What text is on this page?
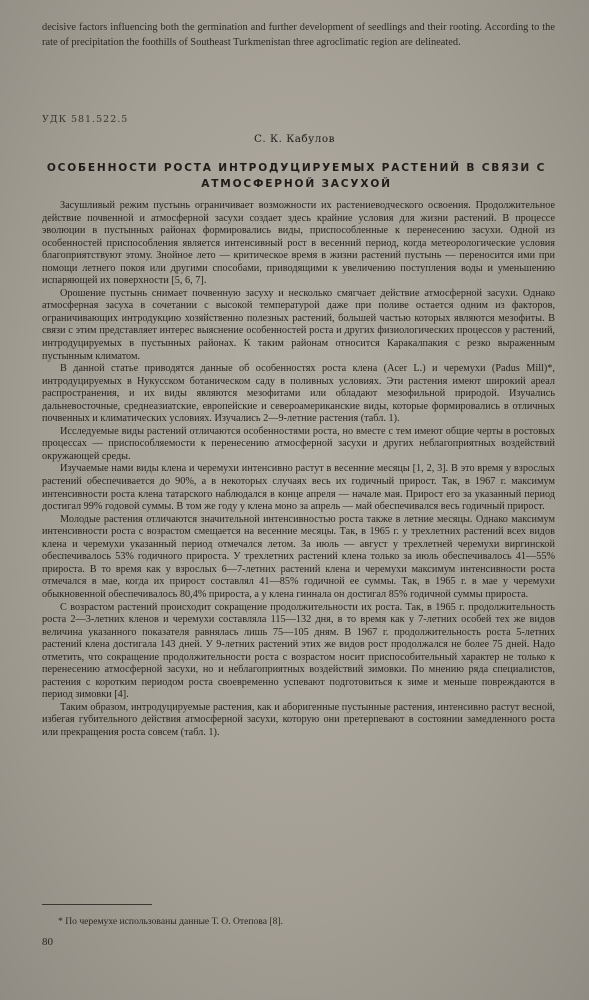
decisive factors influencing both the germination and further development of seedlings and their rooting. According to the rate of precipitation the foothills of Southeast Turkmenistan three agroclimatic region are delineated.

УДК 581.522.5
С. К. Кабулов
ОСОБЕННОСТИ РОСТА ИНТРОДУЦИРУЕМЫХ РАСТЕНИЙ В СВЯЗИ С АТМОСФЕРНОЙ ЗАСУХОЙ

Засушливый режим пустынь ограничивает возможности их растениеводческого освоения. Продолжительное действие почвенной и атмосферной засухи создает здесь крайние условия для жизни растений. В процессе эволюции в пустынных районах формировались виды, приспособленные к перенесению засухи. Одной из особенностей приспособления является интенсивный рост в весенний период, когда метеорологические условия благоприятствуют этому. Знойное лето — критическое время в жизни растений пустынь — переносится ими при помощи летнего покоя или другими способами, приводящими к увеличению поступления воды и уменьшению испаряющей их поверхности [5, 6, 7].

Орошение пустынь снимает почвенную засуху и несколько смягчает действие атмосферной засухи. Однако атмосферная засуха в сочетании с высокой температурой даже при поливе остается одним из факторов, ограничивающих интродукцию хозяйственно полезных растений, большей частью которых являются мезофиты. В связи с этим представляет интерес выяснение особенностей роста и других физиологических процессов у растений, интродуцируемых в пустынных районах. К таким районам относится Каракалпакия с резко выраженным пустынным климатом.

В данной статье приводятся данные об особенностях роста клена (Acer L.) и черемухи (Padus Mill)*, интродуцируемых в Нукусском ботаническом саду в поливных условиях. Эти растения имеют широкий ареал распространения, и их виды являются мезофитами или обладают мезофильной природой. Изучались дальневосточные, среднеазиатские, европейские и североамериканские виды, которые формировались в отличных почвенных и климатических условиях. Изучались 2—9-летние растения (табл. 1).

Исследуемые виды растений отличаются особенностями роста, но вместе с тем имеют общие черты в ростовых процессах — приспособляемости к перенесению атмосферной засухи и других неблагоприятных воздействий окружающей среды.

Изучаемые нами виды клена и черемухи интенсивно растут в весенние месяцы [1, 2, 3]. В это время у взрослых растений обеспечивается до 90%, а в некоторых случаях весь их годичный прирост. Так, в 1967 г. максимум интенсивности роста клена татарского наблюдался в конце апреля — начале мая. Прирост его за указанный период достигал 99% годовой суммы. В том же году у клена моно за апрель — май обеспечивался весь годичный прирост.

Молодые растения отличаются значительной интенсивностью роста также в летние месяцы. Однако максимум интенсивности роста с возрастом смещается на весенние месяцы. Так, в 1965 г. у трехлетних растений всех видов клена и черемухи указанный период отмечался летом. За июль — август у трехлетней черемухи виргинской обеспечивалось 53% годичного прироста. У трехлетних растений клена только за июль обеспечивалось 41—55% прироста. В то время как у взрослых 6—7-летних растений клена и черемухи максимум интенсивности роста отмечался в мае, когда их прирост составлял 41—85% годичной ее суммы. Так, в 1965 г. в мае у черемухи обыкновенной обеспечивалось 80,4% прироста, а у клена гиннала он достигал 85% годичной суммы прироста.

С возрастом растений происходит сокращение продолжительности их роста. Так, в 1965 г. продолжительность роста 2—3-летних кленов и черемухи составляла 115—132 дня, в то время как у 7-летних особей тех же видов величина указанного показателя равнялась лишь 75—105 дням. В 1967 г. продолжительность роста 5-летних растений клена достигала 143 дней. У 9-летних растений этих же видов рост продолжался не более 75 дней. Надо отметить, что сокращение продолжительности роста с возрастом носит приспособительный характер не только к перенесению атмосферной засухи, но и неблагоприятных воздействий зимовки. По мнению ряда специалистов, растения с коротким периодом роста своевременно успевают подготовиться к зиме и меньше повреждаются в период зимовки [4].

Таким образом, интродуцируемые растения, как и аборигенные пустынные растения, интенсивно растут весной, избегая губительного действия атмосферной засухи, которую они претерпевают в состоянии замедленного роста или прекращения роста совсем (табл. 1).

* По черемухе использованы данные Т. О. Отепова [8].
80
